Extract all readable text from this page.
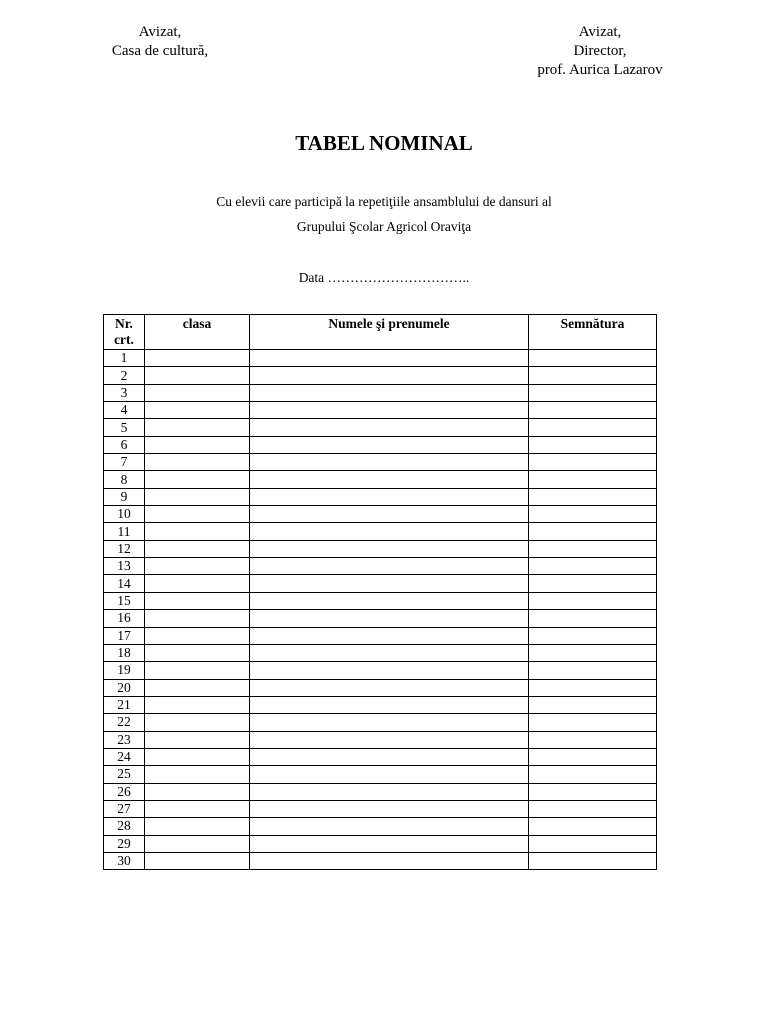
Avizat,
Casa de cultură,
Avizat,
Director,
prof. Aurica Lazarov
TABEL NOMINAL
Cu elevii care participă la repetiţiile ansamblului de dansuri al
Grupului Şcolar Agricol Oraviţa
Data …………………………..
Nr.
crt.	clasa	Numele şi prenumele	Semnătura
1			
2			
3			
4			
5			
6			
7			
8			
9			
10			
11			
12			
13			
14			
15			
16			
17			
18			
19			
20			
21			
22			
23			
24			
25			
26			
27			
28			
29			
30			
